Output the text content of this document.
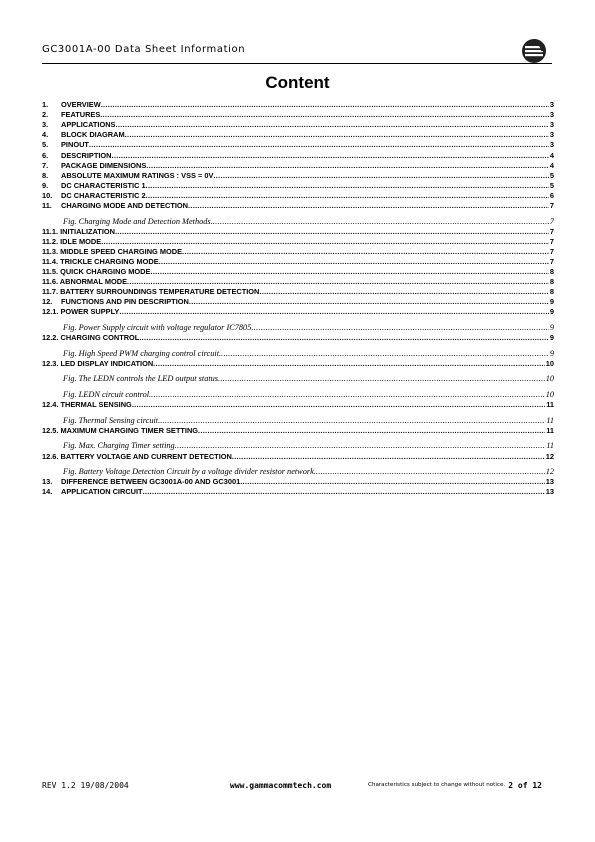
GC3001A-00 Data Sheet Information
Content
1.	OVERVIEW .....	3
2.	FEATURES .....	3
3.	APPLICATIONS .....	3
4.	BLOCK DIAGRAM .....	3
5.	PINOUT .....	3
6.	DESCRIPTION .....	4
7.	PACKAGE DIMENSIONS .....	4
8.	ABSOLUTE MAXIMUM RATINGS : VSS = 0V .....	5
9.	DC CHARACTERISTIC 1 .....	5
10.	DC CHARACTERISTIC 2 .....	6
11.	CHARGING MODE AND DETECTION .....	7
Fig. Charging Mode and Detection Methods. .....	7
11.1. INITIALIZATION .....	7
11.2. IDLE MODE .....	7
11.3. MIDDLE SPEED CHARGING MODE .....	7
11.4. TRICKLE CHARGING MODE .....	7
11.5. QUICK CHARGING MODE .....	8
11.6. ABNORMAL MODE .....	8
11.7. BATTERY SURROUNDINGS TEMPERATURE DETECTION .....	8
12.	FUNCTIONS AND PIN DESCRIPTION .....	9
12.1. POWER SUPPLY .....	9
Fig. Power Supply circuit with voltage regulator IC7805 .....	9
12.2. CHARGING CONTROL .....	9
Fig. High Speed PWM charging control circuit. .....	9
12.3. LED DISPLAY INDICATION .....	10
Fig. The LEDN controls the LED output status .....	10
Fig. LEDN circuit control. .....	10
12.4. THERMAL SENSING .....	11
Fig. Thermal Sensing circuit. .....	11
12.5. MAXIMUM CHARGING TIMER SETTING .....	11
Fig. Max. Charging Timer setting .....	11
12.6. BATTERY VOLTAGE AND CURRENT DETECTION .....	12
Fig. Battery Voltage Detection Circuit by a voltage divider resistor network. .....	12
13.	DIFFERENCE BETWEEN GC3001A-00 AND GC3001 .....	13
14.	APPLICATION CIRCUIT .....	13
REV 1.2 19/08/2004	www.gammacommtech.com	Characteristics subject to change without notice. 2 of 12
